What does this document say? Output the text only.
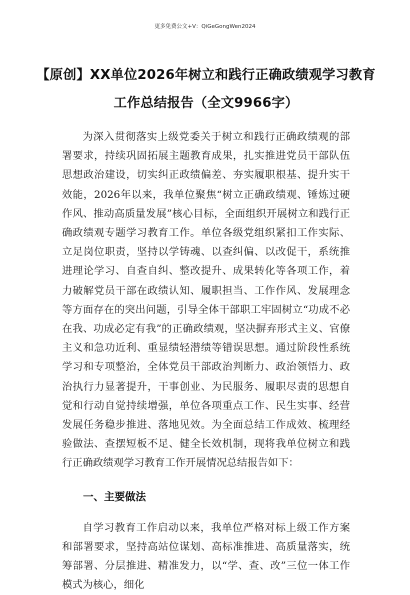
更多免费公文+V：QiGeGongWen2024
【原创】XX单位2026年树立和践行正确政绩观学习教育工作总结报告（全文9966字）

为深入贯彻落实上级党委关于树立和践行正确政绩观的部署要求，持续巩固拓展主题教育成果，扎实推进党员干部队伍思想政治建设，切实纠正政绩偏差、夯实履职根基、提升实干效能，2026年以来，我单位聚焦“树立正确政绩观、锤炼过硬作风、推动高质量发展”核心目标，全面组织开展树立和践行正确政绩观专题学习教育工作。单位各级党组织紧扣工作实际、立足岗位职责，坚持以学铸魂、以查纠偏、以改促干，系统推进理论学习、自查自纠、整改提升、成果转化等各项工作，着力破解党员干部在政绩认知、履职担当、工作作风、发展理念等方面存在的突出问题，引导全体干部职工牢固树立“功成不必在我、功成必定有我”的正确政绩观，坚决摒弃形式主义、官僚主义和急功近利、重显绩轻潜绩等错误思想。通过阶段性系统学习和专项整治，全体党员干部政治判断力、政治领悟力、政治执行力显著提升，干事创业、为民服务、履职尽责的思想自觉和行动自觉持续增强，单位各项重点工作、民生实事、经营发展任务稳步推进、落地见效。为全面总结工作成效、梳理经验做法、查摆短板不足、健全长效机制，现将我单位树立和践行正确政绩观学习教育工作开展情况总结报告如下：

一、主要做法

自学习教育工作启动以来，我单位严格对标上级工作方案和部署要求，坚持高站位谋划、高标准推进、高质量落实，统筹部署、分层推进、精准发力，以“学、查、改”三位一体工作模式为核心，细化
